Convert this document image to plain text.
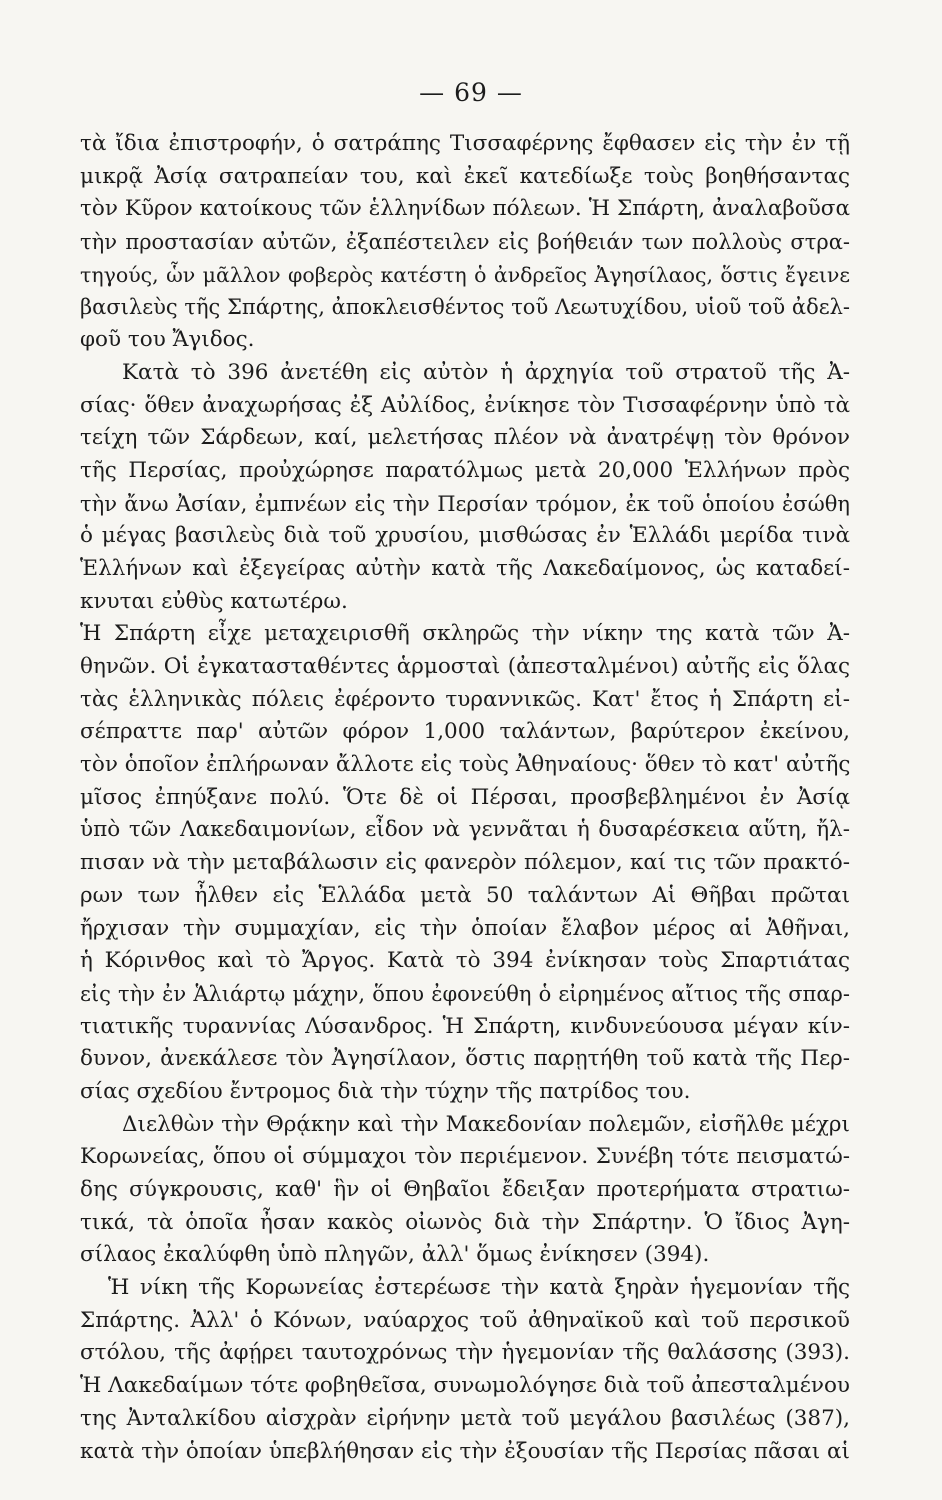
— 69 —
τὰ ἴδια ἐπιστροφήν, ὁ σατράπης Τισσαφέρνης ἔφθασεν εἰς τὴν ἐν τῇ
μικρᾷ Ἀσίᾳ σατραπείαν του, καὶ ἐκεῖ κατεδίωξε τοὺς βοηθήσαντας
τὸν Κῦρον κατοίκους τῶν ἑλληνίδων πόλεων. Ἡ Σπάρτη, ἀναλαβοῦσα
τὴν προστασίαν αὐτῶν, ἐξαπέστειλεν εἰς βοήθειάν των πολλοὺς στρα-
τηγούς, ὧν μᾶλλον φοβερὸς κατέστη ὁ ἀνδρεῖος Ἀγησίλαος, ὅστις ἔγεινε
βασιλεὺς τῆς Σπάρτης, ἀποκλεισθέντος τοῦ Λεωτυχίδου, υἱοῦ τοῦ ἀδελ-
φοῦ του Ἄγιδος.
Κατὰ τὸ 396 ἀνετέθη εἰς αὐτὸν ἡ ἀρχηγία τοῦ στρατοῦ τῆς Ἀ-
σίας· ὅθεν ἀναχωρήσας ἐξ Αὐλίδος, ἐνίκησε τὸν Τισσαφέρνην ὑπὸ τὰ
τείχη τῶν Σάρδεων, καί, μελετήσας πλέον νὰ ἀνατρέψῃ τὸν θρόνον
τῆς Περσίας, προὐχώρησε παρατόλμως μετὰ 20,000 Ἑλλήνων πρὸς
τὴν ἄνω Ἀσίαν, ἐμπνέων εἰς τὴν Περσίαν τρόμον, ἐκ τοῦ ὁποίου ἐσώθη
ὁ μέγας βασιλεὺς διὰ τοῦ χρυσίου, μισθώσας ἐν Ἑλλάδι μερίδα τινὰ
Ἑλλήνων καὶ ἐξεγείρας αὐτὴν κατὰ τῆς Λακεδαίμονος, ὡς καταδεί-
κνυται εὐθὺς κατωτέρω.
Ἡ Σπάρτη εἶχε μεταχειρισθῆ σκληρῶς τὴν νίκην της κατὰ τῶν Ἀ-
θηνῶν. Οἱ ἐγκατασταθέντες ἁρμοσταὶ (ἀπεσταλμένοι) αὐτῆς εἰς ὅλας
τὰς ἑλληνικὰς πόλεις ἐφέροντο τυραννικῶς. Κατ' ἔτος ἡ Σπάρτη εἰ-
σέπραττε παρ' αὐτῶν φόρον 1,000 ταλάντων, βαρύτερον ἐκείνου,
τὸν ὁποῖον ἐπλήρωναν ἄλλοτε εἰς τοὺς Ἀθηναίους· ὅθεν τὸ κατ' αὐτῆς
μῖσος ἐπηύξανε πολύ. Ὅτε δὲ οἱ Πέρσαι, προσβεβλημένοι ἐν Ἀσίᾳ
ὑπὸ τῶν Λακεδαιμονίων, εἶδον νὰ γεννᾶται ἡ δυσαρέσκεια αὕτη, ἤλ-
πισαν νὰ τὴν μεταβάλωσιν εἰς φανερὸν πόλεμον, καί τις τῶν πρακτό-
ρων των ἦλθεν εἰς Ἑλλάδα μετὰ 50 ταλάντων Αἱ Θῆβαι πρῶται
ἤρχισαν τὴν συμμαχίαν, εἰς τὴν ὁποίαν ἔλαβον μέρος αἱ Ἀθῆναι,
ἡ Κόρινθος καὶ τὸ Ἄργος. Κατὰ τὸ 394 ἐνίκησαν τοὺς Σπαρτιάτας
εἰς τὴν ἐν Ἁλιάρτῳ μάχην, ὅπου ἐφονεύθη ὁ εἰρημένος αἴτιος τῆς σπαρ-
τιατικῆς τυραννίας Λύσανδρος. Ἡ Σπάρτη, κινδυνεύουσα μέγαν κίν-
δυνον, ἀνεκάλεσε τὸν Ἀγησίλαον, ὅστις παρῃτήθη τοῦ κατὰ τῆς Περ-
σίας σχεδίου ἔντρομος διὰ τὴν τύχην τῆς πατρίδος του.
Διελθὼν τὴν Θρᾴκην καὶ τὴν Μακεδονίαν πολεμῶν, εἰσῆλθε μέχρι
Κορωνείας, ὅπου οἱ σύμμαχοι τὸν περιέμενον. Συνέβη τότε πεισματώ-
δης σύγκρουσις, καθ' ἣν οἱ Θηβαῖοι ἔδειξαν προτερήματα στρατιω-
τικά, τὰ ὁποῖα ἦσαν κακὸς οἰωνὸς διὰ τὴν Σπάρτην. Ὁ ἴδιος Ἀγη-
σίλαος ἐκαλύφθη ὑπὸ πληγῶν, ἀλλ' ὅμως ἐνίκησεν (394).
Ἡ νίκη τῆς Κορωνείας ἐστερέωσε τὴν κατὰ ξηρὰν ἡγεμονίαν τῆς
Σπάρτης. Ἀλλ' ὁ Κόνων, ναύαρχος τοῦ ἀθηναϊκοῦ καὶ τοῦ περσικοῦ
στόλου, τῆς ἀφῄρει ταυτοχρόνως τὴν ἡγεμονίαν τῆς θαλάσσης (393).
Ἡ Λακεδαίμων τότε φοβηθεῖσα, συνωμολόγησε διὰ τοῦ ἀπεσταλμένου
της Ἀνταλκίδου αἰσχρὰν εἰρήνην μετὰ τοῦ μεγάλου βασιλέως (387),
κατὰ τὴν ὁποίαν ὑπεβλήθησαν εἰς τὴν ἐξουσίαν τῆς Περσίας πᾶσαι αἱ
